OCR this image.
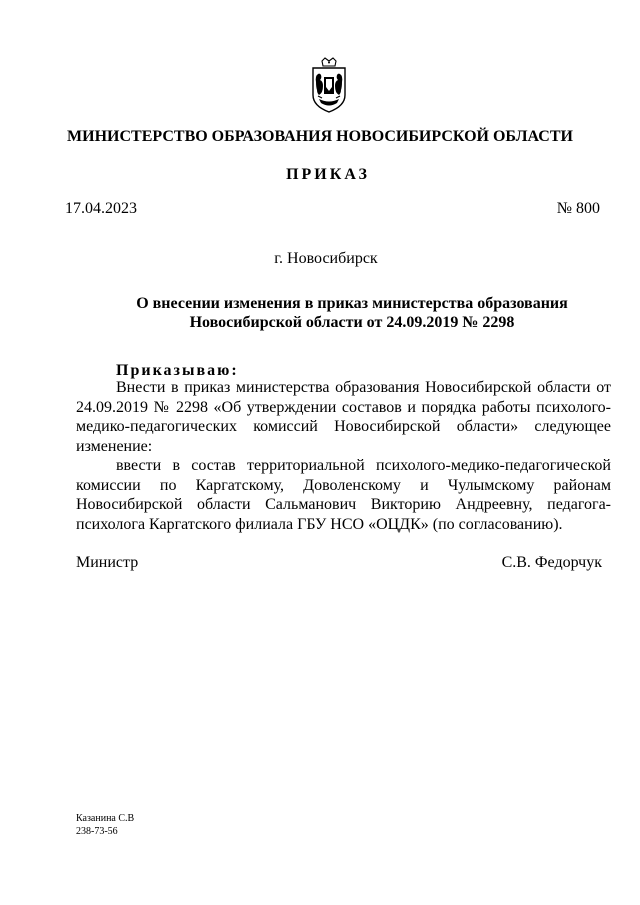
МИНИСТЕРСТВО ОБРАЗОВАНИЯ НОВОСИБИРСКОЙ ОБЛАСТИ
ПРИКАЗ
17.04.2023	№ 800
г. Новосибирск
О внесении изменения в приказ министерства образования
Новосибирской области от 24.09.2019 № 2298
Приказываю:

Внести в приказ министерства образования Новосибирской области от 24.09.2019 № 2298 «Об утверждении составов и порядка работы психолого-медико-педагогических комиссий Новосибирской области» следующее изменение:

ввести в состав территориальной психолого-медико-педагогической комиссии по Каргатскому, Доволенскому и Чулымскому районам Новосибирской области Сальманович Викторию Андреевну, педагога-психолога Каргатского филиала ГБУ НСО «ОЦДК» (по согласованию).

Министр	С.В. Федорчук
Казанина С.В
238-73-56
